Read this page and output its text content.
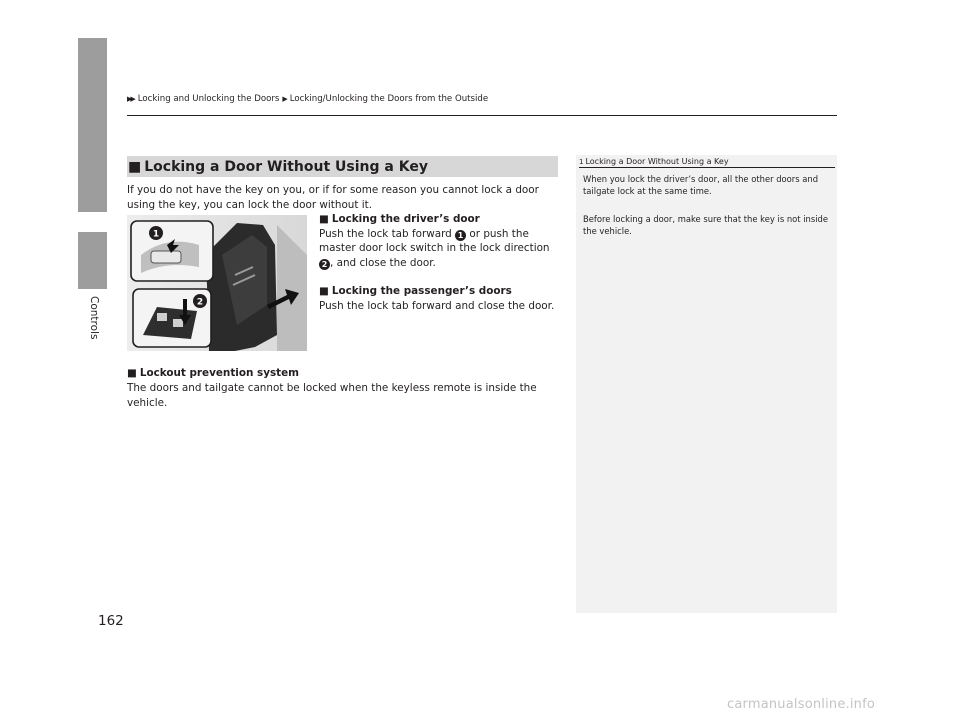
▶▶ Locking and Unlocking the Doors ▶ Locking/Unlocking the Doors from the Outside
Controls
162
■ Locking a Door Without Using a Key
If you do not have the key on you, or if for some reason you cannot lock a door using the key, you can lock the door without it.
1
2
■ Locking the driver’s door
Push the lock tab forward 1 or push the master door lock switch in the lock direction 2 , and close the door.
■ Locking the passenger’s doors
Push the lock tab forward and close the door.
■ Lockout prevention system
The doors and tailgate cannot be locked when the keyless remote is inside the vehicle.
1 Locking a Door Without Using a Key
When you lock the driver’s door, all the other doors and tailgate lock at the same time.
Before locking a door, make sure that the key is not inside the vehicle.
carmanualsonline.info
